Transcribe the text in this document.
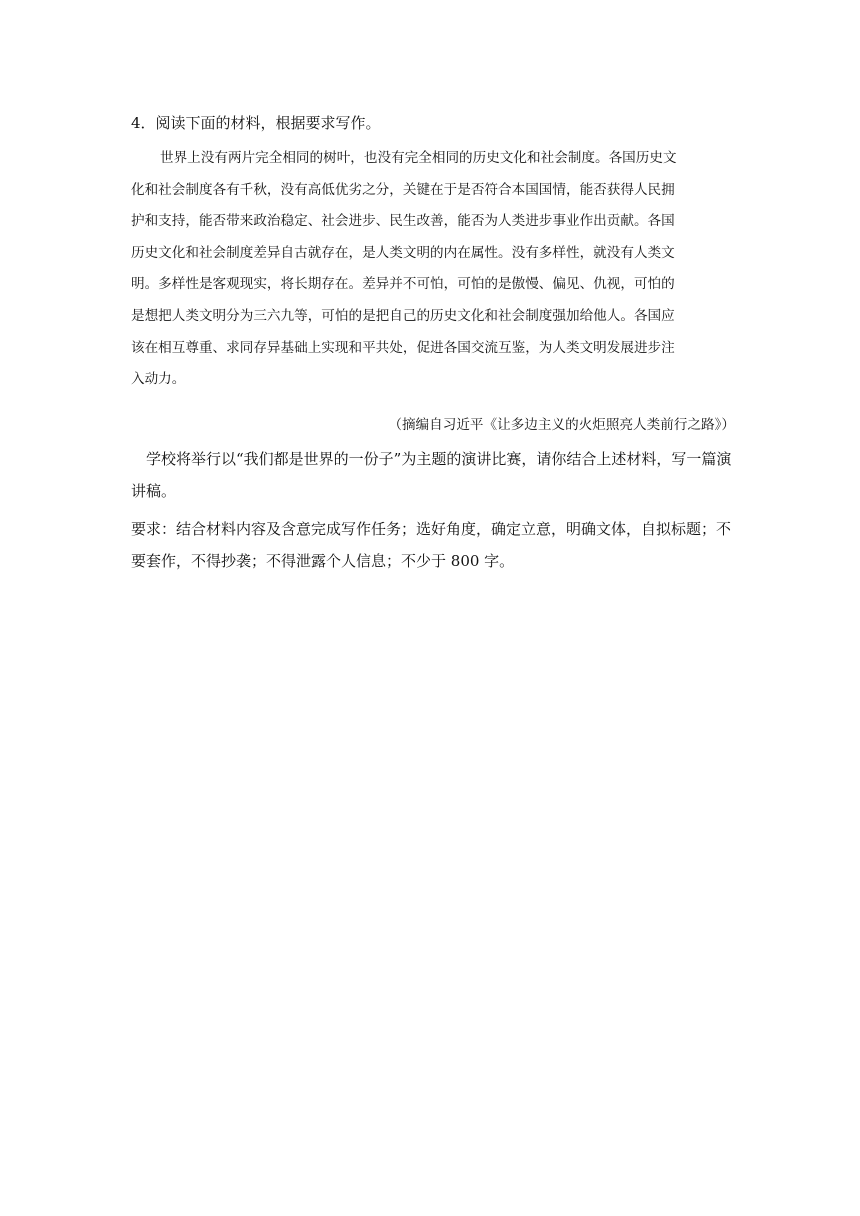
4．阅读下面的材料，根据要求写作。
世界上没有两片完全相同的树叶，也没有完全相同的历史文化和社会制度。各国历史文
化和社会制度各有千秋，没有高低优劣之分，关键在于是否符合本国国情，能否获得人民拥
护和支持，能否带来政治稳定、社会进步、民生改善，能否为人类进步事业作出贡献。各国
历史文化和社会制度差异自古就存在，是人类文明的内在属性。没有多样性，就没有人类文
明。多样性是客观现实，将长期存在。差异并不可怕，可怕的是傲慢、偏见、仇视，可怕的
是想把人类文明分为三六九等，可怕的是把自己的历史文化和社会制度强加给他人。各国应
该在相互尊重、求同存异基础上实现和平共处，促进各国交流互鉴，为人类文明发展进步注
入动力。
（摘编自习近平《让多边主义的火炬照亮人类前行之路》）
学校将举行以“我们都是世界的一份子”为主题的演讲比赛，请你结合上述材料，写一篇演
讲稿。
要求：结合材料内容及含意完成写作任务；选好角度，确定立意，明确文体，自拟标题；不
要套作，不得抄袭；不得泄露个人信息；不少于 800 字。
